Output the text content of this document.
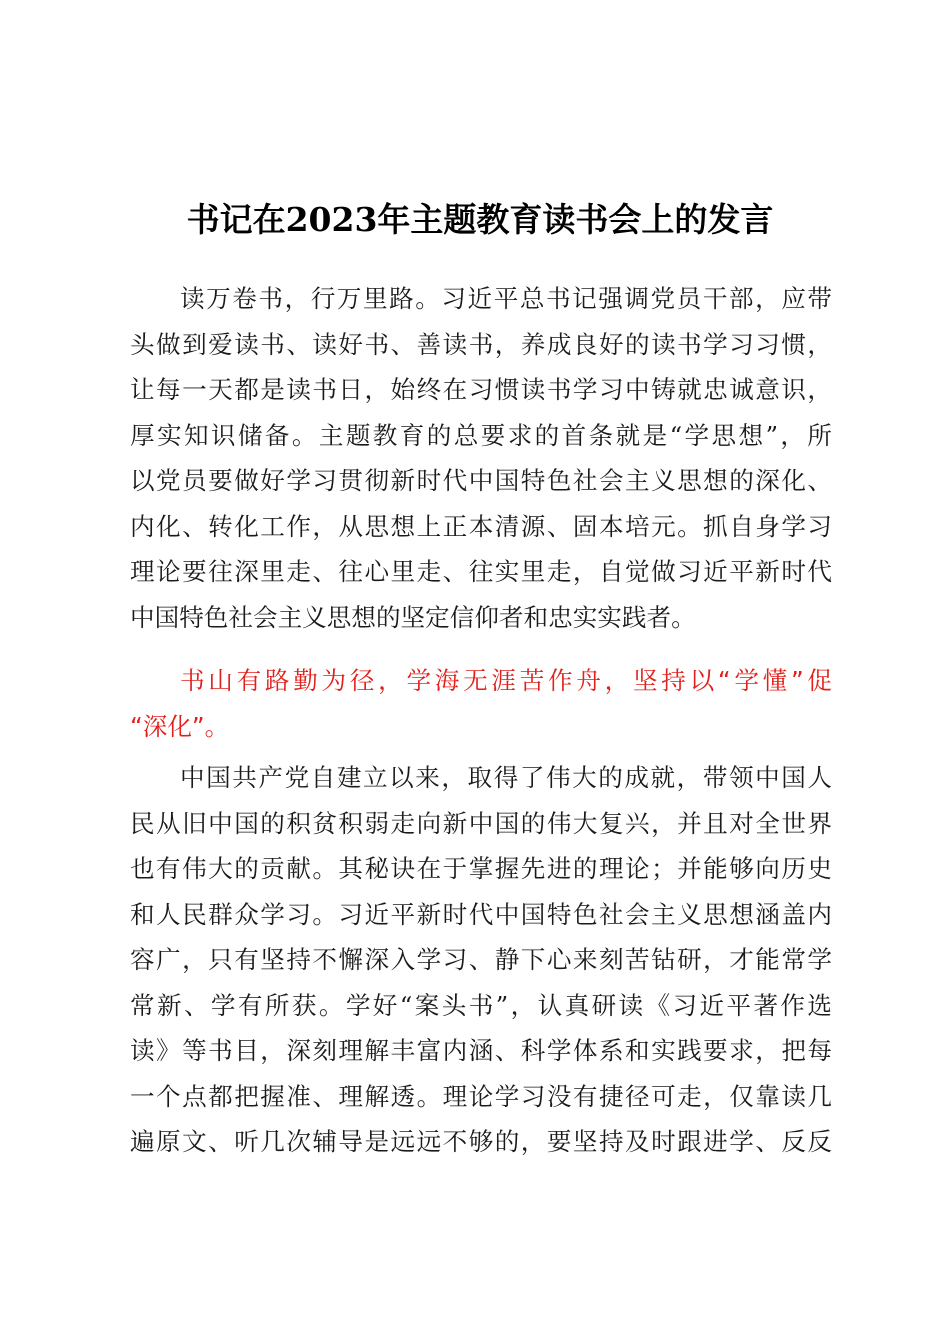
书记在2023年主题教育读书会上的发言
读万卷书，行万里路。习近平总书记强调党员干部，应带
头做到爱读书、读好书、善读书，养成良好的读书学习习惯，
让每一天都是读书日，始终在习惯读书学习中铸就忠诚意识，
厚实知识储备。主题教育的总要求的首条就是“学思想”，所
以党员要做好学习贯彻新时代中国特色社会主义思想的深化、
内化、转化工作，从思想上正本清源、固本培元。抓自身学习
理论要往深里走、往心里走、往实里走，自觉做习近平新时代
中国特色社会主义思想的坚定信仰者和忠实实践者。
书山有路勤为径，学海无涯苦作舟，坚持以“学懂”促
“深化”。
中国共产党自建立以来，取得了伟大的成就，带领中国人
民从旧中国的积贫积弱走向新中国的伟大复兴，并且对全世界
也有伟大的贡献。其秘诀在于掌握先进的理论；并能够向历史
和人民群众学习。习近平新时代中国特色社会主义思想涵盖内
容广，只有坚持不懈深入学习、静下心来刻苦钻研，才能常学
常新、学有所获。学好“案头书”，认真研读《习近平著作选
读》等书目，深刻理解丰富内涵、科学体系和实践要求，把每
一个点都把握准、理解透。理论学习没有捷径可走，仅靠读几
遍原文、听几次辅导是远远不够的，要坚持及时跟进学、反反
